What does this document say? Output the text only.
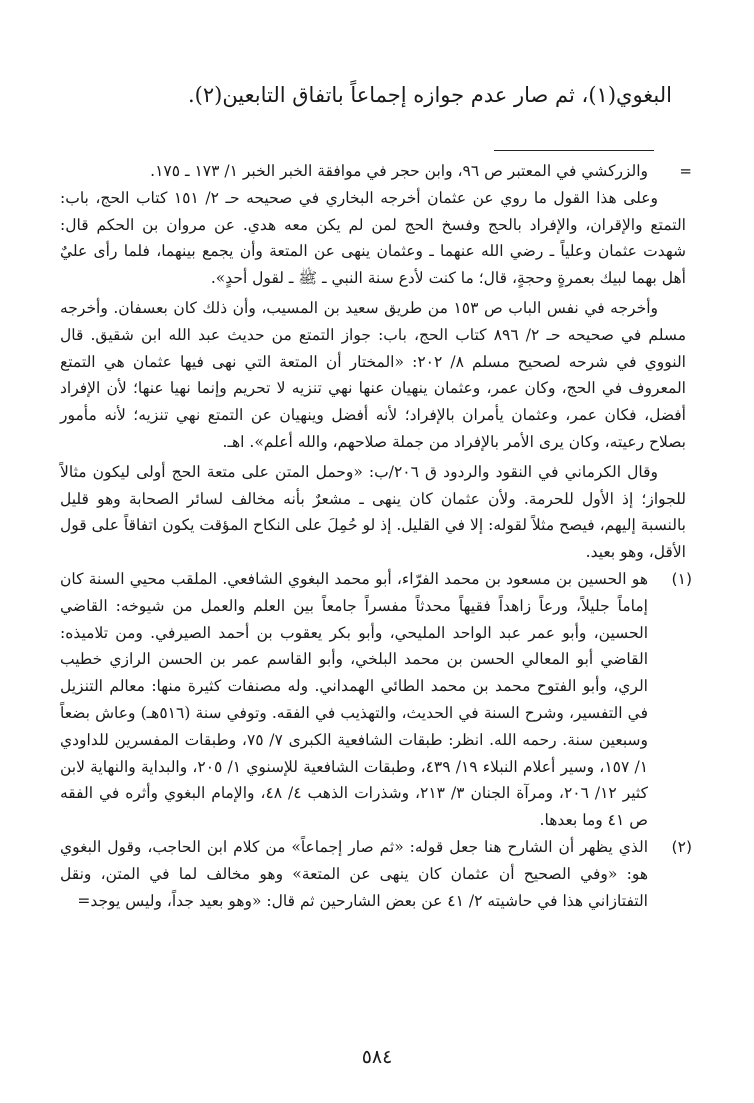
البغوي(١)، ثم صار عدم جوازه إجماعاً باتفاق التابعين(٢).

=
والزركشي في المعتبر ص ٩٦، وابن حجر في موافقة الخبر الخبر ١/ ١٧٣ ـ ١٧٥.

وعلى هذا القول ما روي عن عثمان أخرجه البخاري في صحيحه حـ ٢/ ١٥١ كتاب الحج، باب: التمتع والإقران، والإفراد بالحج وفسخ الحج لمن لم يكن معه هدي. عن مروان بن الحكم قال: شهدت عثمان وعلياً ـ رضي الله عنهما ـ وعثمان ينهى عن المتعة وأن يجمع بينهما، فلما رأى عليٌ أهل بهما لبيك بعمرةٍ وحجةٍ، قال؛ ما كنت لأدع سنة النبي ـ ﷺ ـ لقول أحدٍ».

وأخرجه في نفس الباب ص ١٥٣ من طريق سعيد بن المسيب، وأن ذلك كان بعسفان. وأخرجه مسلم في صحيحه حـ ٢/ ٨٩٦ كتاب الحج، باب: جواز التمتع من حديث عبد الله ابن شقيق. قال النووي في شرحه لصحيح مسلم ٨/ ٢٠٢: «المختار أن المتعة التي نهى فيها عثمان هي التمتع المعروف في الحج، وكان عمر، وعثمان ينهيان عنها نهي تنزيه لا تحريم وإنما نهيا عنها؛ لأن الإفراد أفضل، فكان عمر، وعثمان يأمران بالإفراد؛ لأنه أفضل وينهيان عن التمتع نهي تنزيه؛ لأنه مأمور بصلاح رعيته، وكان يرى الأمر بالإفراد من جملة صلاحهم، والله أعلم». اهـ.

وقال الكرماني في النقود والردود ق ٢٠٦/ب: «وحمل المتن على متعة الحج أولى ليكون مثالاً للجواز؛ إذ الأول للحرمة. ولأن عثمان كان ينهى ـ مشعرٌ بأنه مخالف لسائر الصحابة وهو قليل بالنسبة إليهم، فيصح مثلاً لقوله: إلا في القليل. إذ لو حُمِلَ على النكاح المؤقت يكون اتفاقاً على قول الأقل، وهو بعيد.

(١)
هو الحسين بن مسعود بن محمد الفرّاء، أبو محمد البغوي الشافعي. الملقب محيي السنة كان إماماً جليلاً، ورعاً زاهداً فقيهاً محدثاً مفسراً جامعاً بين العلم والعمل من شيوخه: القاضي الحسين، وأبو عمر عبد الواحد المليحي، وأبو بكر يعقوب بن أحمد الصيرفي. ومن تلاميذه: القاضي أبو المعالي الحسن بن محمد البلخي، وأبو القاسم عمر بن الحسن الرازي خطيب الري، وأبو الفتوح محمد بن محمد الطائي الهمداني. وله مصنفات كثيرة منها: معالم التنزيل في التفسير، وشرح السنة في الحديث، والتهذيب في الفقه. وتوفي سنة (٥١٦هـ) وعاش بضعاً وسبعين سنة. رحمه الله. انظر: طبقات الشافعية الكبرى ٧/ ٧٥، وطبقات المفسرين للداودي ١/ ١٥٧، وسير أعلام النبلاء ١٩/ ٤٣٩، وطبقات الشافعية للإسنوي ١/ ٢٠٥، والبداية والنهاية لابن كثير ١٢/ ٢٠٦، ومرآة الجنان ٣/ ٢١٣، وشذرات الذهب ٤/ ٤٨، والإمام البغوي وأثره في الفقه ص ٤١ وما بعدها.

(٢)
الذي يظهر أن الشارح هنا جعل قوله: «ثم صار إجماعاً» من كلام ابن الحاجب، وقول البغوي هو: «وفي الصحيح أن عثمان كان ينهى عن المتعة» وهو مخالف لما في المتن، ونقل التفتازاني هذا في حاشيته ٢/ ٤١ عن بعض الشارحين ثم قال: «وهو بعيد جداً، وليس يوجد=

٥٨٤
